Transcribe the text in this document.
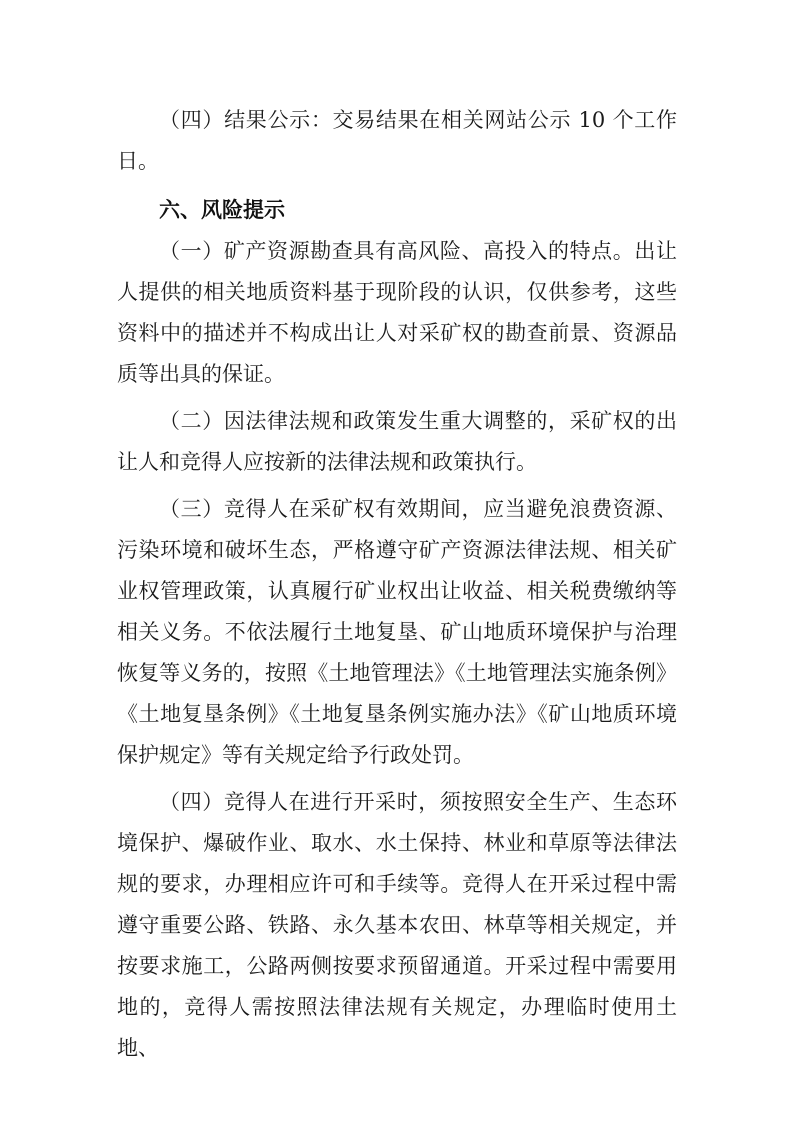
（四）结果公示：交易结果在相关网站公示 10 个工作日。

六、风险提示

（一）矿产资源勘查具有高风险、高投入的特点。出让人提供的相关地质资料基于现阶段的认识，仅供参考，这些资料中的描述并不构成出让人对采矿权的勘查前景、资源品质等出具的保证。

（二）因法律法规和政策发生重大调整的，采矿权的出让人和竞得人应按新的法律法规和政策执行。

（三）竞得人在采矿权有效期间，应当避免浪费资源、污染环境和破坏生态，严格遵守矿产资源法律法规、相关矿业权管理政策，认真履行矿业权出让收益、相关税费缴纳等相关义务。不依法履行土地复垦、矿山地质环境保护与治理恢复等义务的，按照《土地管理法》《土地管理法实施条例》《土地复垦条例》《土地复垦条例实施办法》《矿山地质环境保护规定》等有关规定给予行政处罚。

（四）竞得人在进行开采时，须按照安全生产、生态环境保护、爆破作业、取水、水土保持、林业和草原等法律法规的要求，办理相应许可和手续等。竞得人在开采过程中需遵守重要公路、铁路、永久基本农田、林草等相关规定，并按要求施工，公路两侧按要求预留通道。开采过程中需要用地的，竞得人需按照法律法规有关规定，办理临时使用土地、
